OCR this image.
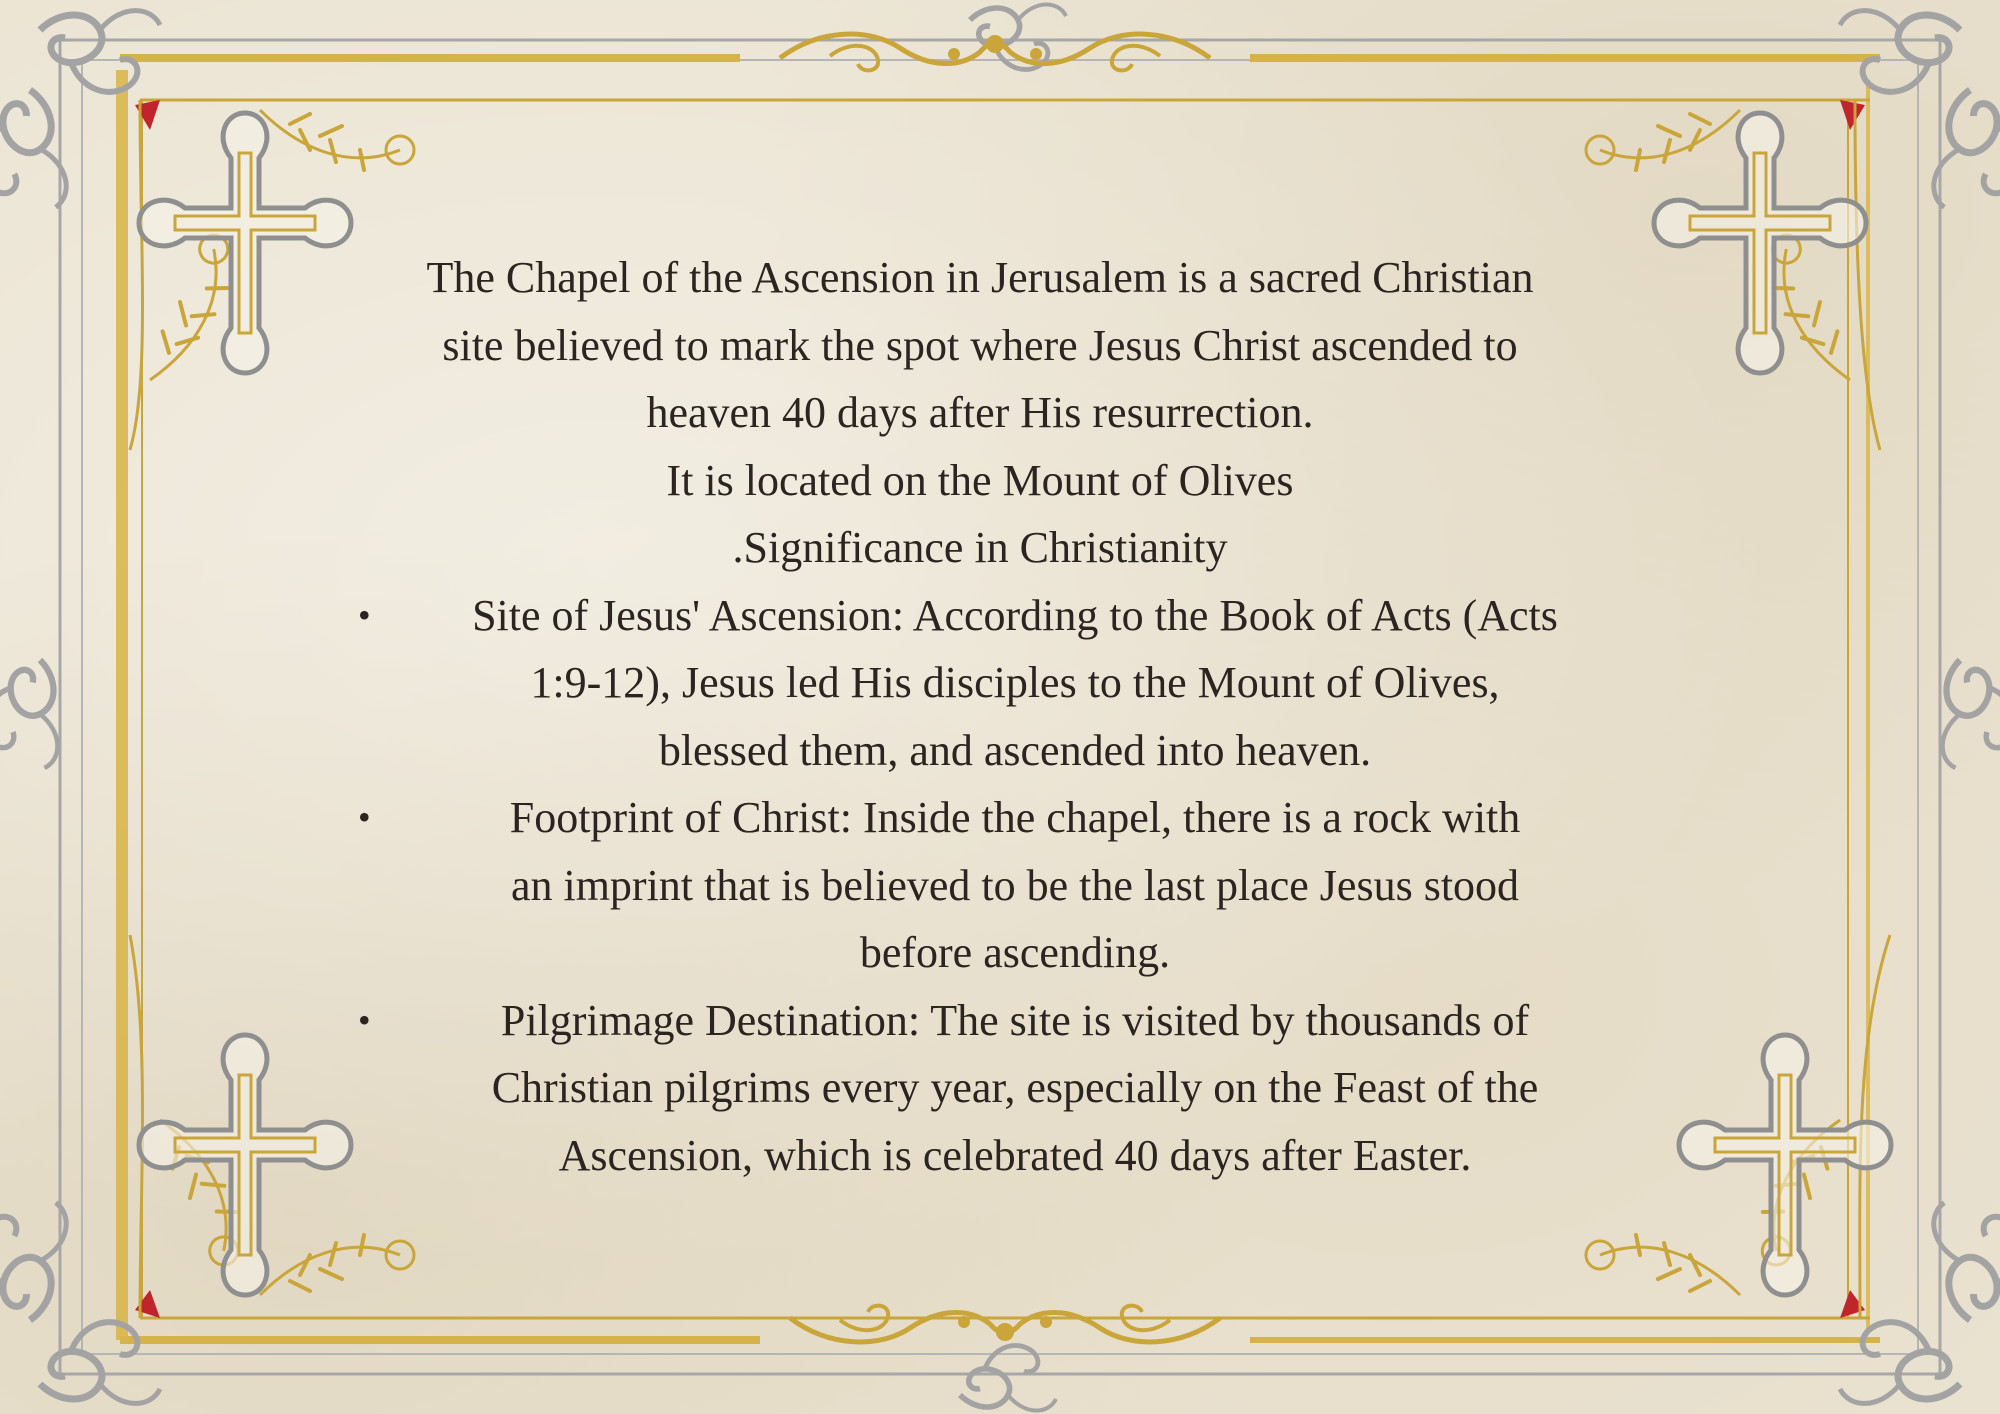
The Chapel of the Ascension in Jerusalem is a sacred Christian

site believed to mark the spot where Jesus Christ ascended to

heaven 40 days after His resurrection.

It is located on the Mount of Olives

.Significance in Christianity

•	Site of Jesus' Ascension: According to the Book of Acts (Acts

1:9-12), Jesus led His disciples to the Mount of Olives,

blessed them, and ascended into heaven.

•	Footprint of Christ: Inside the chapel, there is a rock with

an imprint that is believed to be the last place Jesus stood

before ascending.

•	Pilgrimage Destination: The site is visited by thousands of

Christian pilgrims every year, especially on the Feast of the

Ascension, which is celebrated 40 days after Easter.
